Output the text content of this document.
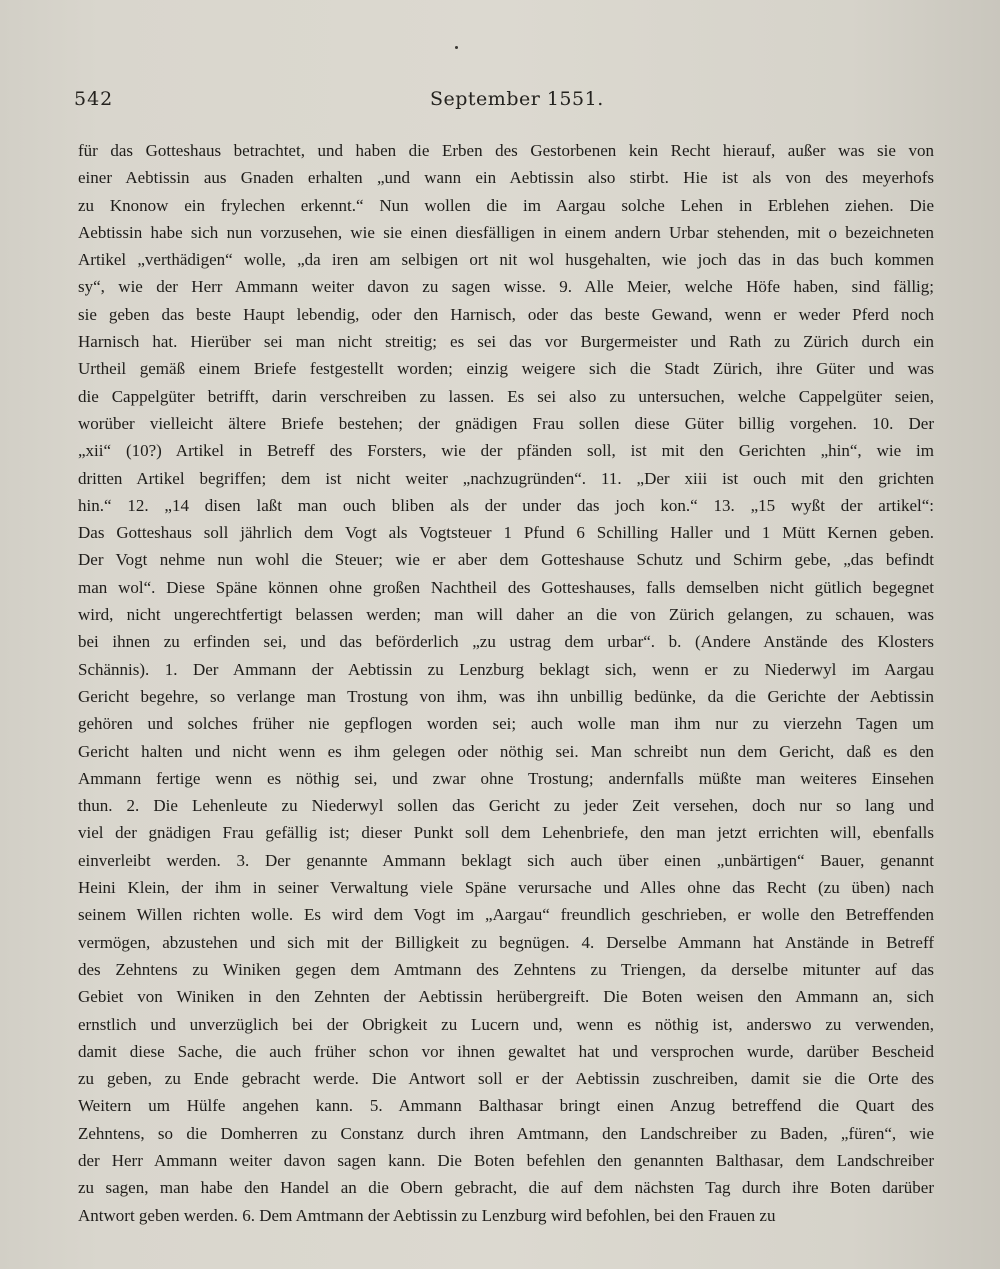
542	September 1551.
für das Gotteshaus betrachtet, und haben die Erben des Gestorbenen kein Recht hierauf, außer was sie von
einer Aebtissin aus Gnaden erhalten „und wann ein Aebtissin also stirbt. Hie ist als von des meyerhofs
zu Knonow ein frylechen erkennt.“ Nun wollen die im Aargau solche Lehen in Erblehen ziehen. Die
Aebtissin habe sich nun vorzusehen, wie sie einen diesfälligen in einem andern Urbar stehenden, mit o bezeichneten
Artikel „verthädigen“ wolle, „da iren am selbigen ort nit wol husgehalten, wie joch das in das buch kommen
sy“, wie der Herr Ammann weiter davon zu sagen wisse. 9. Alle Meier, welche Höfe haben, sind fällig;
sie geben das beste Haupt lebendig, oder den Harnisch, oder das beste Gewand, wenn er weder Pferd noch
Harnisch hat. Hierüber sei man nicht streitig; es sei das vor Burgermeister und Rath zu Zürich durch ein
Urtheil gemäß einem Briefe festgestellt worden; einzig weigere sich die Stadt Zürich, ihre Güter und was
die Cappelgüter betrifft, darin verschreiben zu lassen. Es sei also zu untersuchen, welche Cappelgüter seien,
worüber vielleicht ältere Briefe bestehen; der gnädigen Frau sollen diese Güter billig vorgehen. 10. Der
„xii“ (10?) Artikel in Betreff des Forsters, wie der pfänden soll, ist mit den Gerichten „hin“, wie im
dritten Artikel begriffen; dem ist nicht weiter „nachzugründen“. 11. „Der xiii ist ouch mit den grichten
hin.“ 12. „14 disen laßt man ouch bliben als der under das joch kon.“ 13. „15 wyßt der artikel“:
Das Gotteshaus soll jährlich dem Vogt als Vogtsteuer 1 Pfund 6 Schilling Haller und 1 Mütt Kernen geben.
Der Vogt nehme nun wohl die Steuer; wie er aber dem Gotteshause Schutz und Schirm gebe, „das befindt
man wol“. Diese Späne können ohne großen Nachtheil des Gotteshauses, falls demselben nicht gütlich begegnet
wird, nicht ungerechtfertigt belassen werden; man will daher an die von Zürich gelangen, zu schauen, was
bei ihnen zu erfinden sei, und das beförderlich „zu ustrag dem urbar“. b. (Andere Anstände des Klosters
Schännis). 1. Der Ammann der Aebtissin zu Lenzburg beklagt sich, wenn er zu Niederwyl im Aargau
Gericht begehre, so verlange man Trostung von ihm, was ihn unbillig bedünke, da die Gerichte der Aebtissin
gehören und solches früher nie gepflogen worden sei; auch wolle man ihm nur zu vierzehn Tagen um
Gericht halten und nicht wenn es ihm gelegen oder nöthig sei. Man schreibt nun dem Gericht, daß es den
Ammann fertige wenn es nöthig sei, und zwar ohne Trostung; andernfalls müßte man weiteres Einsehen
thun. 2. Die Lehenleute zu Niederwyl sollen das Gericht zu jeder Zeit versehen, doch nur so lang und
viel der gnädigen Frau gefällig ist; dieser Punkt soll dem Lehenbriefe, den man jetzt errichten will, ebenfalls
einverleibt werden. 3. Der genannte Ammann beklagt sich auch über einen „unbärtigen“ Bauer, genannt
Heini Klein, der ihm in seiner Verwaltung viele Späne verursache und Alles ohne das Recht (zu üben) nach
seinem Willen richten wolle. Es wird dem Vogt im „Aargau“ freundlich geschrieben, er wolle den Betreffenden
vermögen, abzustehen und sich mit der Billigkeit zu begnügen. 4. Derselbe Ammann hat Anstände in Betreff
des Zehntens zu Winiken gegen dem Amtmann des Zehntens zu Triengen, da derselbe mitunter auf das
Gebiet von Winiken in den Zehnten der Aebtissin herübergreift. Die Boten weisen den Ammann an, sich
ernstlich und unverzüglich bei der Obrigkeit zu Lucern und, wenn es nöthig ist, anderswo zu verwenden,
damit diese Sache, die auch früher schon vor ihnen gewaltet hat und versprochen wurde, darüber Bescheid
zu geben, zu Ende gebracht werde. Die Antwort soll er der Aebtissin zuschreiben, damit sie die Orte des
Weitern um Hülfe angehen kann. 5. Ammann Balthasar bringt einen Anzug betreffend die Quart des
Zehntens, so die Domherren zu Constanz durch ihren Amtmann, den Landschreiber zu Baden, „füren“, wie
der Herr Ammann weiter davon sagen kann. Die Boten befehlen den genannten Balthasar, dem Landschreiber
zu sagen, man habe den Handel an die Obern gebracht, die auf dem nächsten Tag durch ihre Boten darüber
Antwort geben werden. 6. Dem Amtmann der Aebtissin zu Lenzburg wird befohlen, bei den Frauen zu
